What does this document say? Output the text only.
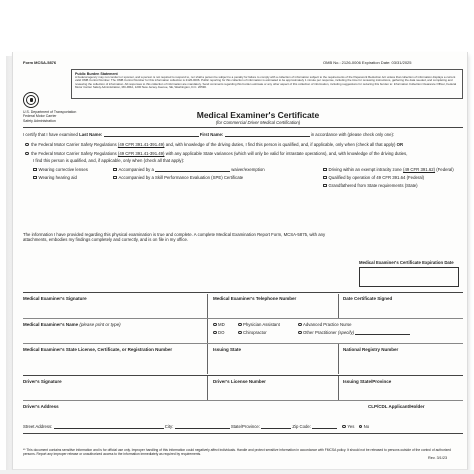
Form MCSA-5876	OMB No.: 2126-0006 Expiration Date: 03/31/2025
Public Burden Statement
A Federal agency may not conduct or sponsor, and a person is not required to respond to, nor shall a person be subject to a penalty for failure to comply with a collection of information subject to the requirements of the Paperwork Reduction Act unless that collection of information displays a current valid OMB Control Number. The OMB Control Number for this information collection is 2126-0006. Public reporting for this collection of information is estimated to be approximately 1 minute per response, including the time for reviewing instructions, gathering the data needed, and completing and reviewing the collection of information. All responses to this collection of information are mandatory. Send comments regarding this burden estimate or any other aspect of this collection of information, including suggestions for reducing this burden to: Information Collection Clearance Officer, Federal Motor Carrier Safety Administration, MC-RRA, 1200 New Jersey Avenue, SE, Washington, D.C. 20590.
U.S. Department of Transportation
Federal Motor Carrier
Safety Administration
Medical Examiner's Certificate
(for Commercial Driver Medical Certification)
I certify that I have examined Last Name:	First Name:	in accordance with (please check only one):
the Federal Motor Carrier Safety Regulations (49 CFR 391.41-391.49) and, with knowledge of the driving duties, I find this person is qualified, and, if applicable, only when (check all that apply) OR
the Federal Motor Carrier Safety Regulations (49 CFR 391.41-391.49) with any applicable State variances (which will only be valid for intrastate operations), and, with knowledge of the driving duties,
I find this person is qualified, and, if applicable, only when (check all that apply):
Wearing corrective lenses	Accompanied by a	waiver/exemption	Driving within an exempt intracity zone (49 CFR 391.62) (Federal)
Wearing hearing aid	Accompanied by a Skill Performance Evaluation (SPE) Certificate	Qualified by operation of 49 CFR 391.64 (Federal)
Grandfathered from State requirements (State)
Medical Examiner's Certificate Expiration Date
The information I have provided regarding this physical examination is true and complete. A complete Medical Examination Report Form, MCSA-5875, with any attachments, embodies my findings completely and correctly, and is on file in my office.
Medical Examiner's Signature	Medical Examiner's Telephone Number	Date Certificate Signed
Medical Examiner's Name (please print or type)	MD	Physician Assistant	Advanced Practice Nurse
DO	Chiropractor	Other Practitioner (specify)
Medical Examiner's State License, Certificate, or Registration Number	Issuing State	National Registry Number
Driver's Signature	Driver's License Number	Issuing State/Province
Driver's Address	CLP/CDL Applicant/Holder
Street Address:	City:	State/Province:	Zip Code:	Yes No
** This document contains sensitive information and is for official use only. Improper handling of this information could negatively affect individuals. Handle and protect sensitive information in accordance with FMCSA policy. It should not be released to persons outside of the control of authorized persons. Report any improper release or unauthorized access to the information immediately as required by requirements.
Rev. 3/1/23
